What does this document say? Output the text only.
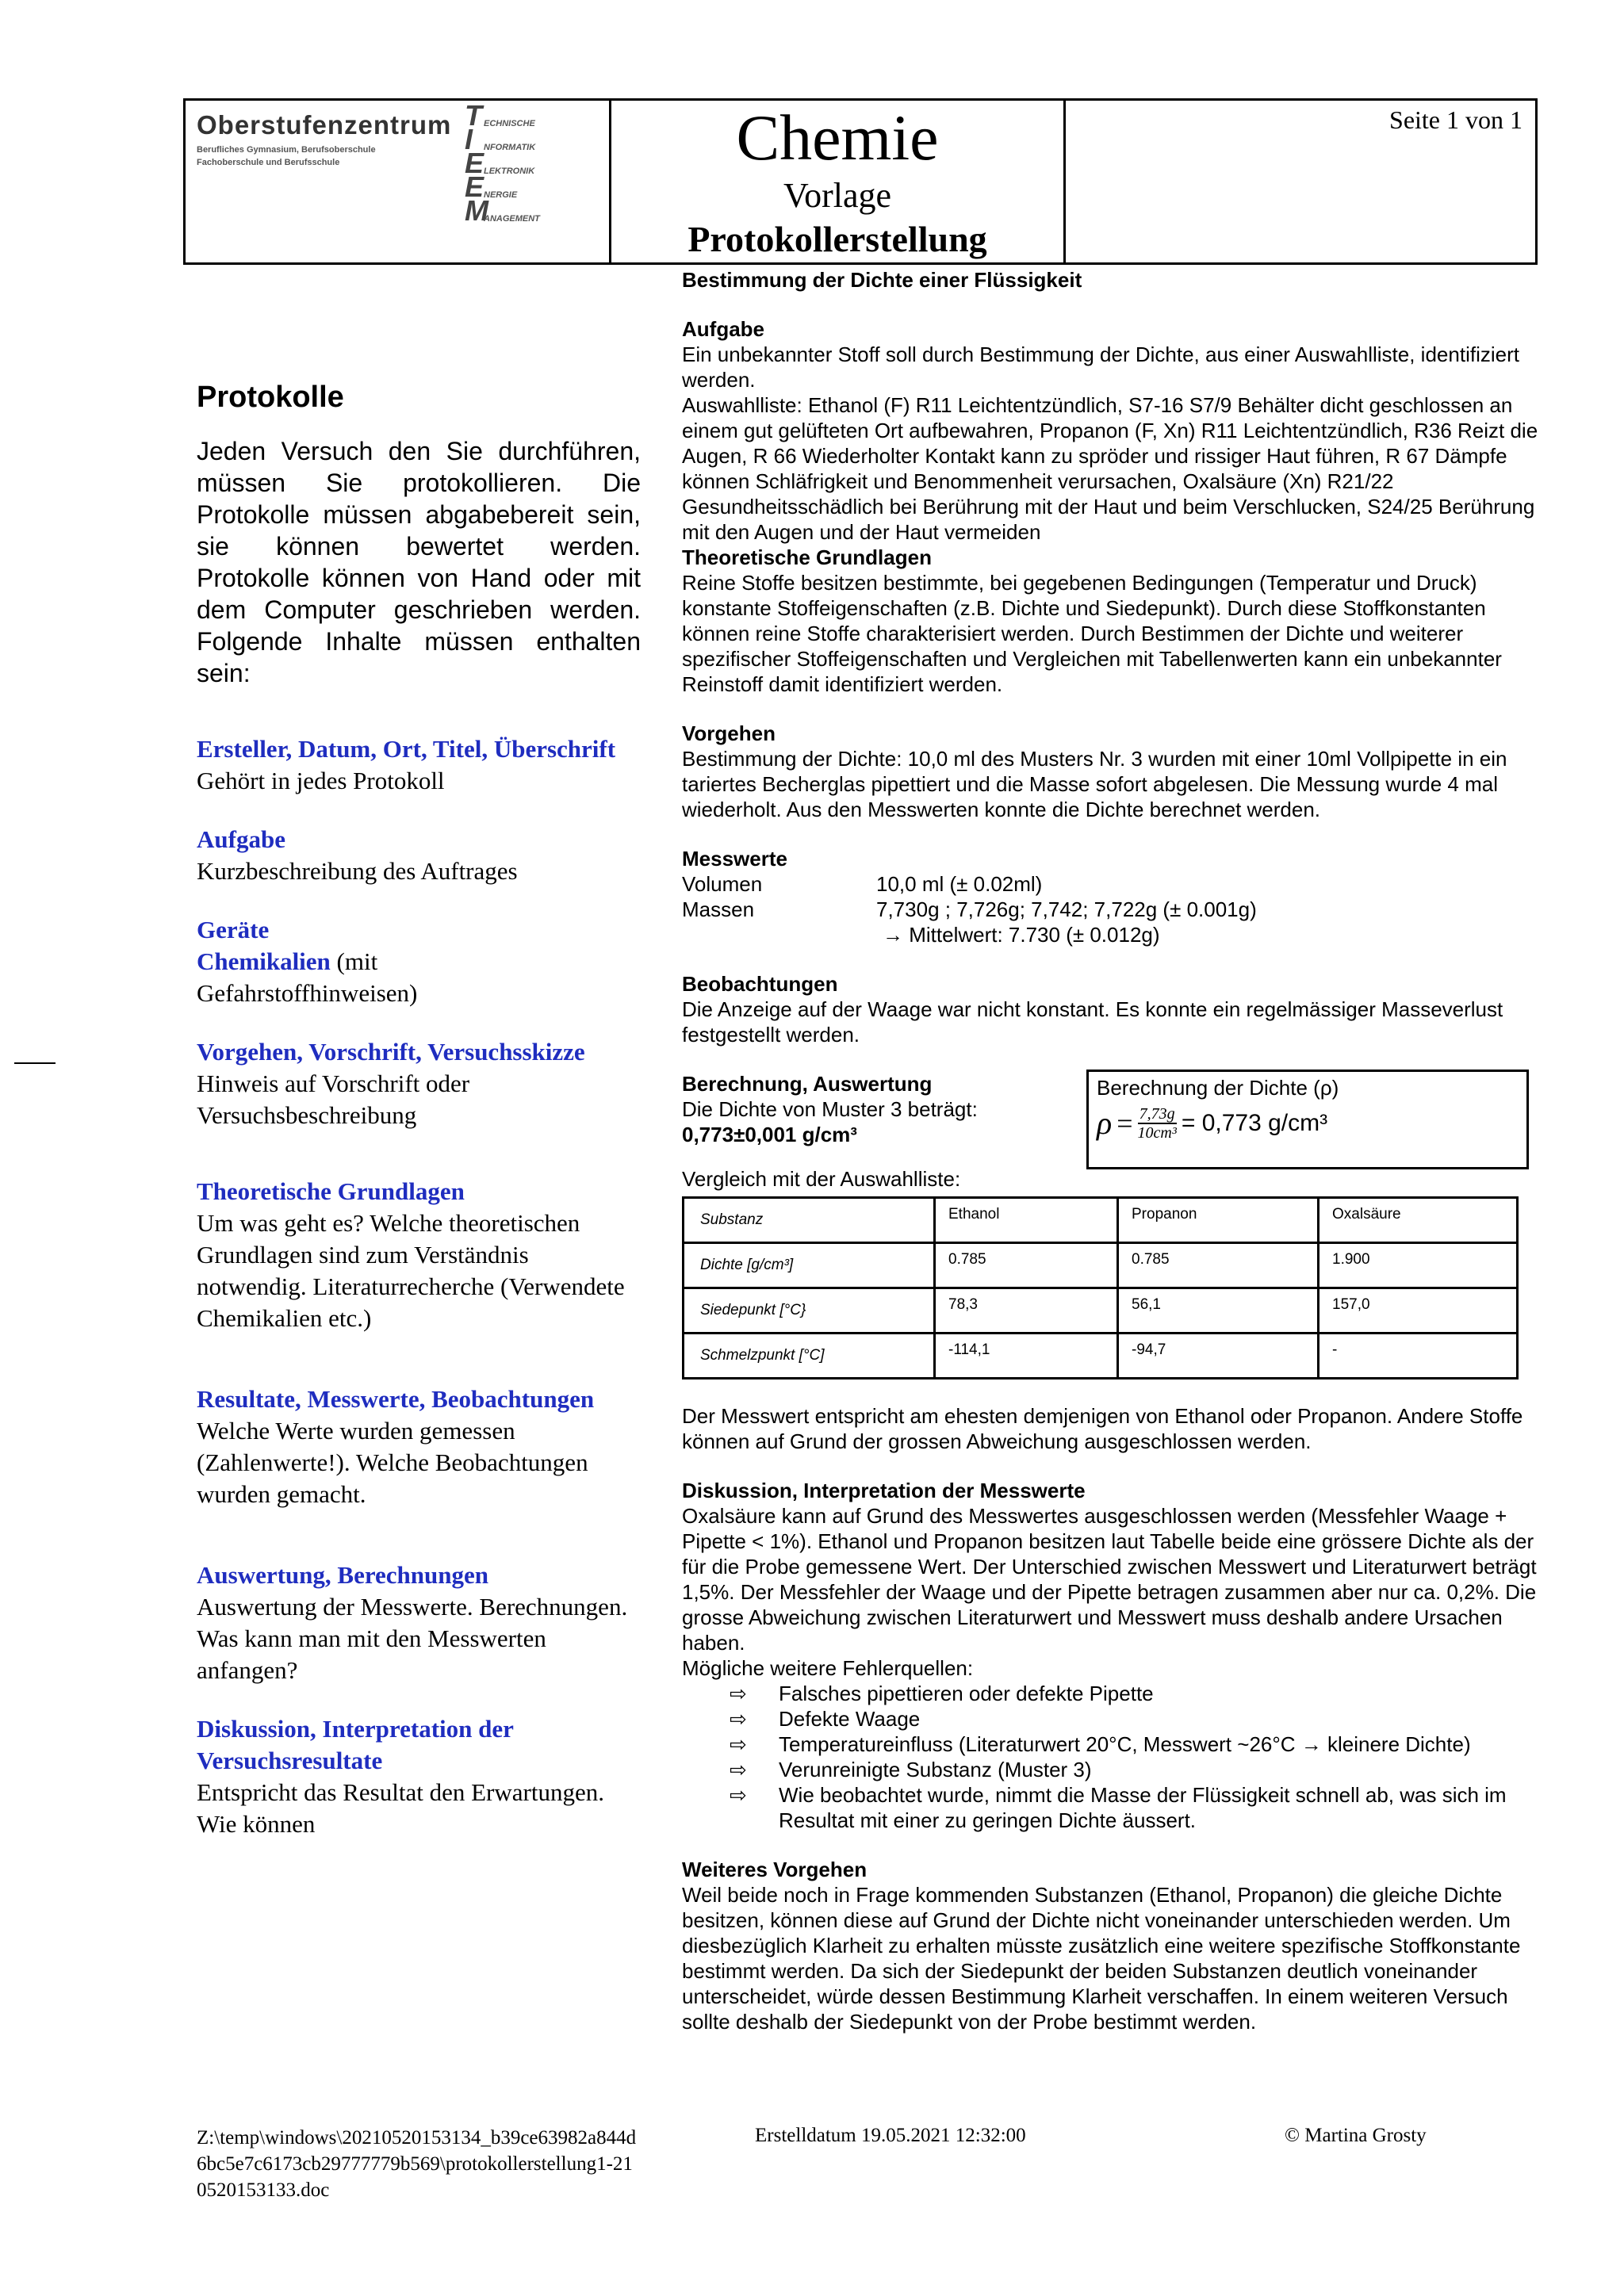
Oberstufenzentrum
Berufliches Gymnasium, Berufsoberschule
Fachoberschule und Berufsschule
T ECHNISCHE
I	NFORMATIK
E LEKTRONIK
E NERGIE
M
ANAGEMENT
Chemie
Vorlage
Protokollerstellung
Seite 1 von 1
Protokolle
Jeden Versuch den Sie durchführen, müssen Sie protokollieren. Die Protokolle müssen abgabebereit sein, sie können bewertet werden. Protokolle können von Hand oder mit dem Computer geschrieben werden. Folgende Inhalte müssen enthalten sein:
Ersteller, Datum, Ort, Titel, Überschrift
Gehört in jedes Protokoll
Aufgabe
Kurzbeschreibung des Auftrages
Geräte
Chemikalien (mit
Gefahrstoffhinweisen)
Vorgehen, Vorschrift, Versuchsskizze
Hinweis auf Vorschrift oder Versuchsbeschreibung
Theoretische Grundlagen
Um was geht es? Welche theoretischen Grundlagen sind zum Verständnis notwendig. Literaturrecherche (Verwendete Chemikalien etc.)
Resultate, Messwerte, Beobachtungen
Welche Werte wurden gemessen (Zahlenwerte!). Welche Beobachtungen wurden gemacht.
Auswertung, Berechnungen
Auswertung der Messwerte. Berechnungen. Was kann man mit den Messwerten anfangen?
Diskussion, Interpretation der Versuchsresultate
Entspricht das Resultat den Erwartungen. Wie können
Bestimmung der Dichte einer Flüssigkeit
Aufgabe

Ein unbekannter Stoff soll durch Bestimmung der Dichte, aus einer Auswahlliste, identifiziert werden.

Auswahlliste: Ethanol (F) R11 Leichtentzündlich, S7-16 S7/9 Behälter dicht geschlossen an einem gut gelüfteten Ort aufbewahren, Propanon (F, Xn) R11 Leichtentzündlich, R36 Reizt die Augen, R 66 Wiederholter Kontakt kann zu spröder und rissiger Haut führen, R 67 Dämpfe können Schläfrigkeit und Benommenheit verursachen, Oxalsäure (Xn) R21/22 Gesundheitsschädlich bei Berührung mit der Haut und beim Verschlucken, S24/25 Berührung mit den Augen und der Haut vermeiden

Theoretische Grundlagen

Reine Stoffe besitzen bestimmte, bei gegebenen Bedingungen (Temperatur und Druck) konstante Stoffeigenschaften (z.B. Dichte und Siedepunkt). Durch diese Stoffkonstanten können reine Stoffe charakterisiert werden. Durch Bestimmen der Dichte und weiterer spezifischer Stoffeigenschaften und Vergleichen mit Tabellenwerten kann ein unbekannter Reinstoff damit identifiziert werden.

Vorgehen

Bestimmung der Dichte: 10,0 ml des Musters Nr. 3 wurden mit einer 10ml Vollpipette in ein tariertes Becherglas pipettiert und die Masse sofort abgelesen. Die Messung wurde 4 mal wiederholt. Aus den Messwerten konnte die Dichte berechnet werden.

Messwerte
Volumen	10,0 ml (± 0.02ml)
Massen	7,730g ; 7,726g; 7,742; 7,722g (± 0.001g)
→ Mittelwert: 7.730 (± 0.012g)
Beobachtungen

Die Anzeige auf der Waage war nicht konstant. Es konnte ein regelmässiger Masseverlust festgestellt werden.

Berechnung, Auswertung
Die Dichte von Muster 3 beträgt:
0,773±0,001 g/cm³
Berechnung der Dichte (ρ)
$\rho = \frac{7,73g}{\text{10cm³}} = 0,773$ g/cm³
Vergleich mit der Auswahlliste:
Substanz	Ethanol	Propanon	Oxalsäure
Dichte [g/cm³]	0.785	0.785	1.900
Siedepunkt [°C}	78,3	56,1	157,0
Schmelzpunkt [°C]	-114,1	-94,7	-

Der Messwert entspricht am ehesten demjenigen von Ethanol oder Propanon. Andere Stoffe können auf Grund der grossen Abweichung ausgeschlossen werden.

Diskussion, Interpretation der Messwerte

Oxalsäure kann auf Grund des Messwertes ausgeschlossen werden (Messfehler Waage + Pipette < 1%). Ethanol und Propanon besitzen laut Tabelle beide eine grössere Dichte als der für die Probe gemessene Wert. Der Unterschied zwischen Messwert und Literaturwert beträgt 1,5%. Der Messfehler der Waage und der Pipette betragen zusammen aber nur ca. 0,2%. Die grosse Abweichung zwischen Literaturwert und Messwert muss deshalb andere Ursachen haben.

Mögliche weitere Fehlerquellen:
⇨	Falsches pipettieren oder defekte Pipette
⇨	Defekte Waage
⇨	Temperatureinfluss (Literaturwert 20°C, Messwert ~26°C → kleinere Dichte)
⇨	Verunreinigte Substanz (Muster 3)
⇨	Wie beobachtet wurde, nimmt die Masse der Flüssigkeit schnell ab, was sich im Resultat mit einer zu geringen Dichte äussert.
Weiteres Vorgehen

Weil beide noch in Frage kommenden Substanzen (Ethanol, Propanon) die gleiche Dichte besitzen, können diese auf Grund der Dichte nicht voneinander unterschieden werden. Um diesbezüglich Klarheit zu erhalten müsste zusätzlich eine weitere spezifische Stoffkonstante bestimmt werden. Da sich der Siedepunkt der beiden Substanzen deutlich voneinander unterscheidet, würde dessen Bestimmung Klarheit verschaffen. In einem weiteren Versuch sollte deshalb der Siedepunkt von der Probe bestimmt werden.

Z:\temp\windows\20210520153134_b39ce63982a844d6bc5e7c6173cb29777779b569\protokollerstellung1-210520153133.doc
Erstelldatum 19.05.2021 12:32:00	© Martina Grosty
